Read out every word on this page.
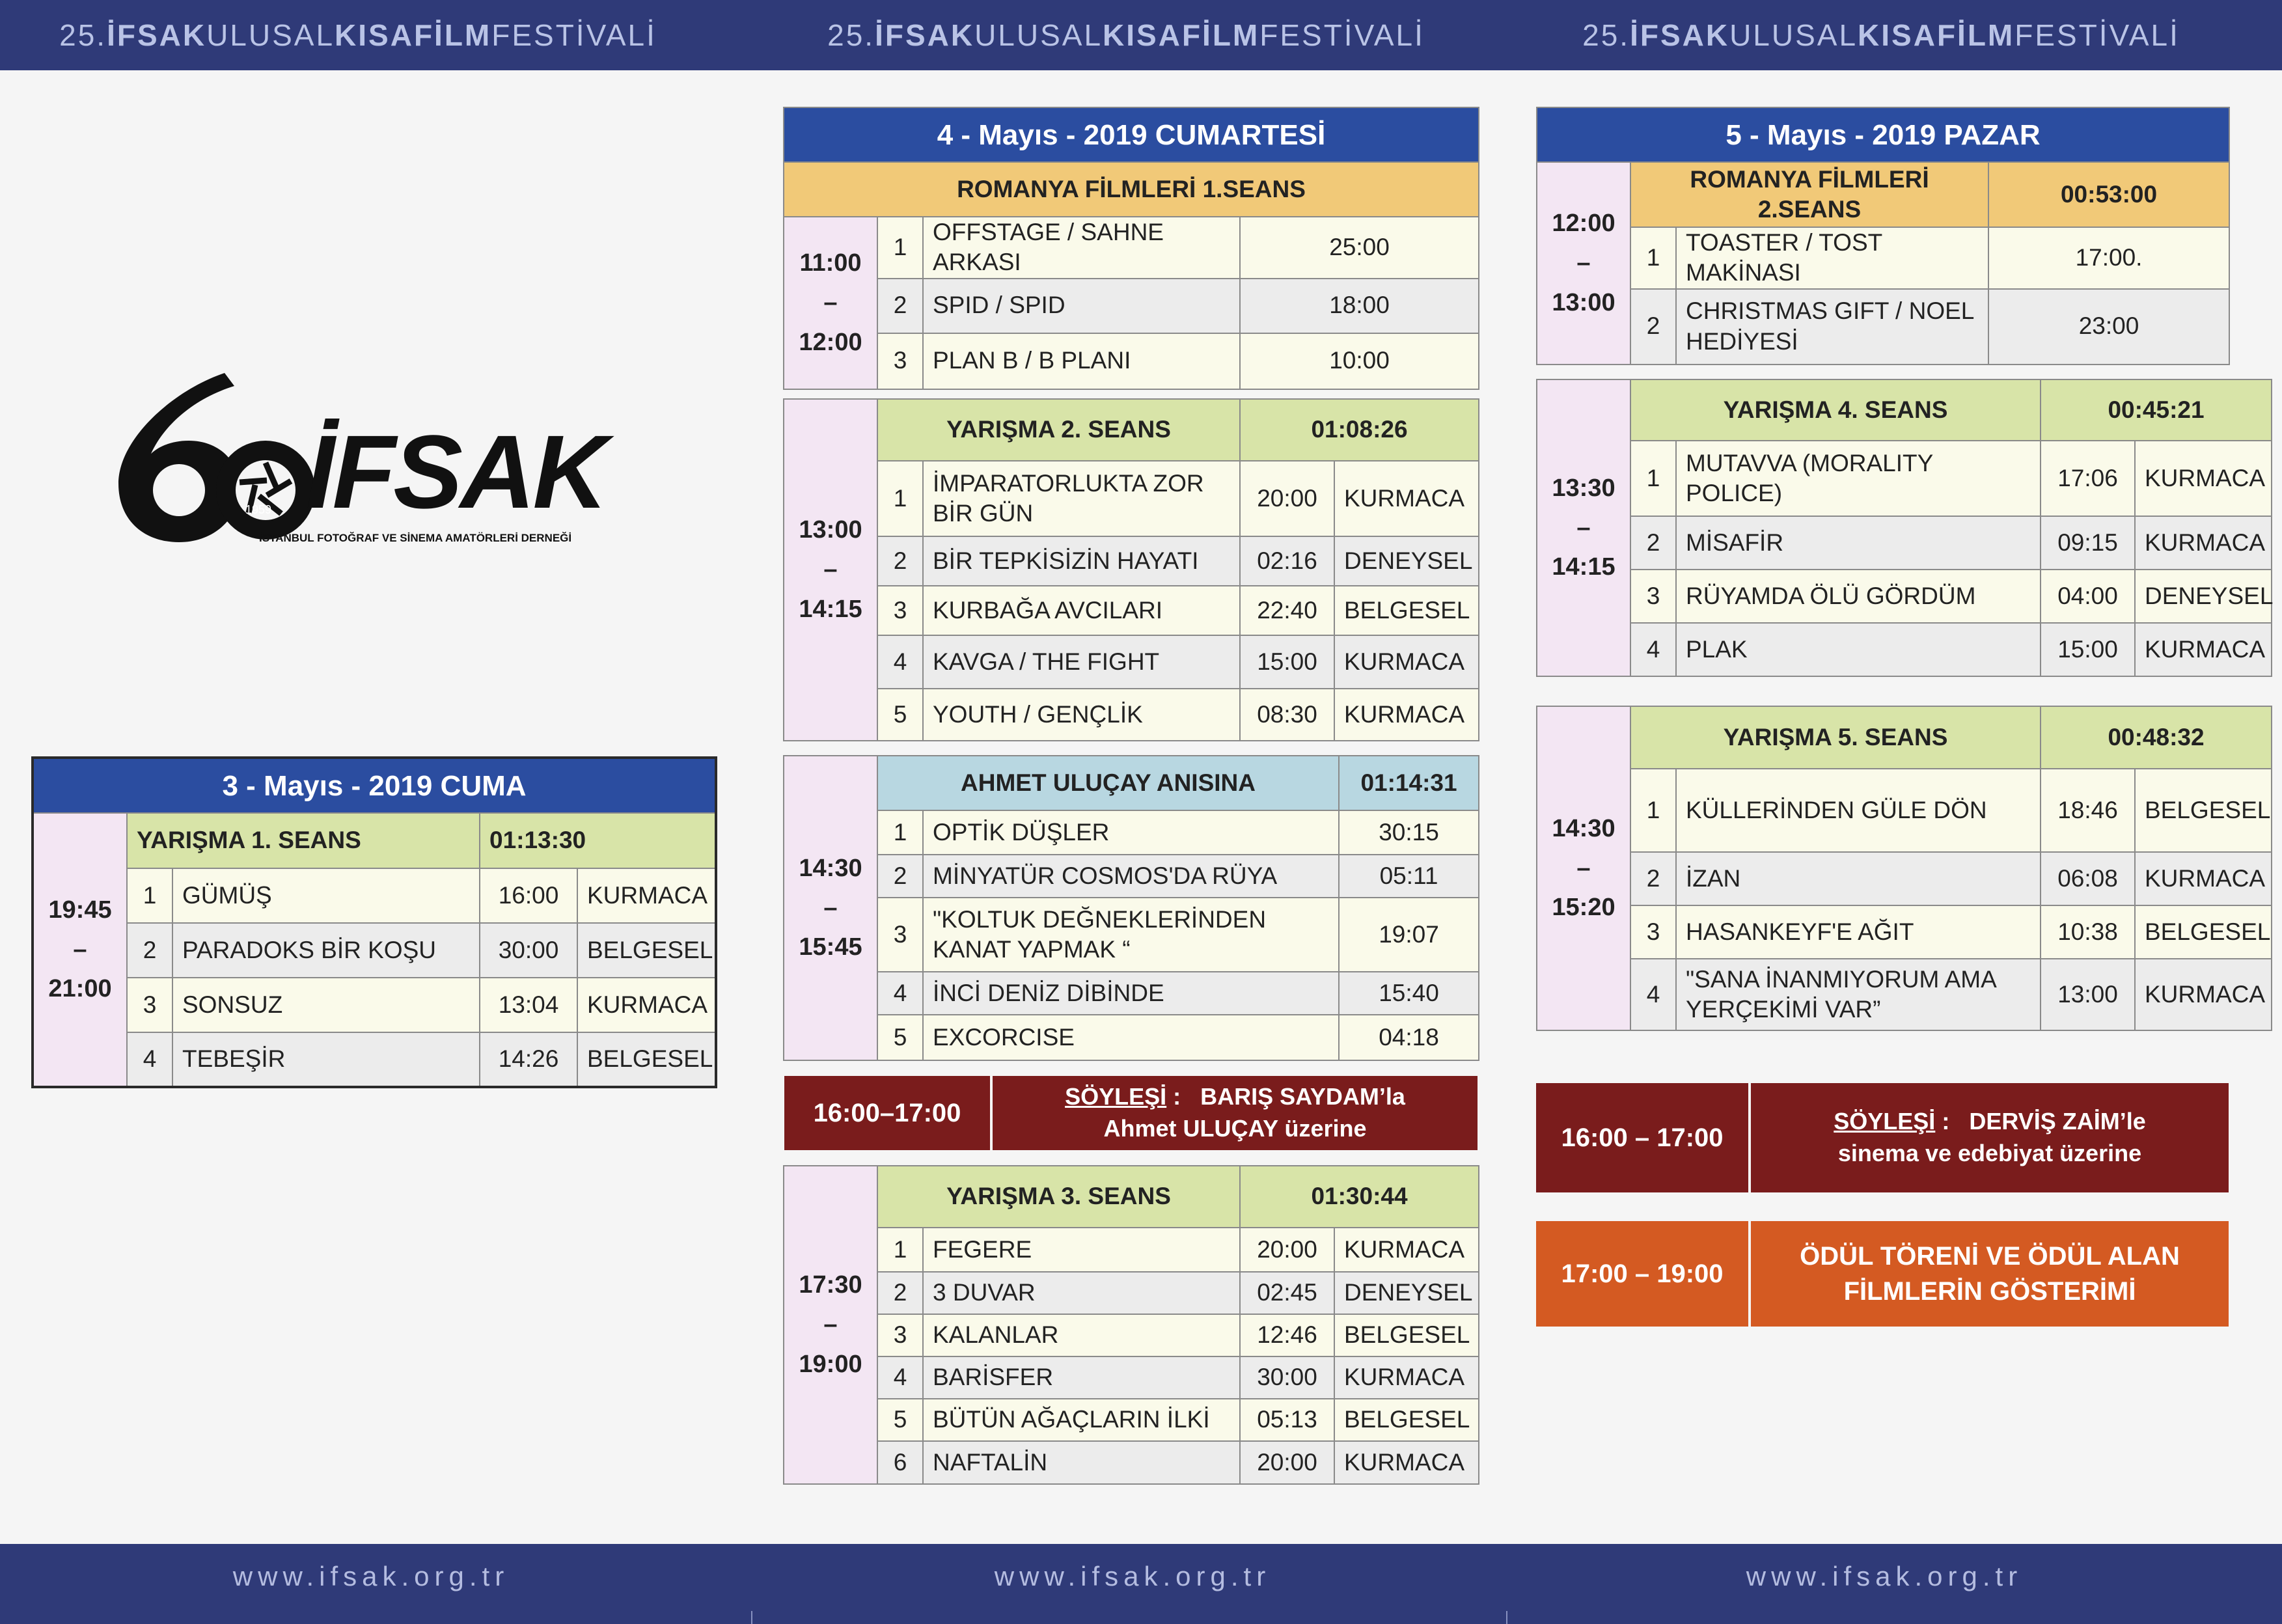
25.İFSAKULUSALKISAFİLMFESTİVALİ	25.İFSAKULUSALKISAFİLMFESTİVALİ	25.İFSAKULUSALKISAFİLMFESTİVALİ
İFSAK
1959
İSTANBUL FOTOĞRAF VE SİNEMA AMATÖRLERİ DERNEĞİ
3 - Mayıs - 2019 CUMA				
19:45
–
21:00	YARIŞMA 1. SEANS		01:13:30	
	1	GÜMÜŞ	16:00	KURMACA
	2	PARADOKS BİR KOŞU	30:00	BELGESEL
	3	SONSUZ	13:04	KURMACA
	4	TEBEŞİR	14:26	BELGESEL
4 - Mayıs - 2019 CUMARTESİ			
ROMANYA FİLMLERİ 1.SEANS			
11:00
–
12:00	1	OFFSTAGE / SAHNE ARKASI	25:00
	2	SPID / SPID	18:00
	3	PLAN B / B PLANI	10:00
13:00
–
14:15	YARIŞMA 2. SEANS		01:08:26	
	1	İMPARATORLUKTA ZOR BİR GÜN	20:00	KURMACA
	2	BİR TEPKİSİZİN HAYATI	02:16	DENEYSEL
	3	KURBAĞA AVCILARI	22:40	BELGESEL
	4	KAVGA / THE FIGHT	15:00	KURMACA
	5	YOUTH / GENÇLİK	08:30	KURMACA
14:30
–
15:45	AHMET ULUÇAY ANISINA		01:14:31
	1	OPTİK DÜŞLER	30:15
	2	MİNYATÜR COSMOS'DA RÜYA	05:11
	3	"KOLTUK DEĞNEKLERİNDEN KANAT YAPMAK “	19:07
	4	İNCİ DENİZ DİBİNDE	15:40
	5	EXCORCISE	04:18
16:00–17:00
SÖYLEŞİ : BARIŞ SAYDAM’la
Ahmet ULUÇAY üzerine
17:30
–
19:00	YARIŞMA 3. SEANS		01:30:44	
	1	FEGERE	20:00	KURMACA
	2	3 DUVAR	02:45	DENEYSEL
	3	KALANLAR	12:46	BELGESEL
	4	BARİSFER	30:00	KURMACA
	5	BÜTÜN AĞAÇLARIN İLKİ	05:13	BELGESEL
	6	NAFTALİN	20:00	KURMACA
5 - Mayıs - 2019 PAZAR			
12:00
–
13:00	ROMANYA FİLMLERİ 2.SEANS		00:53:00
	1	TOASTER / TOST MAKİNASI	17:00.
	2	CHRISTMAS GIFT / NOEL HEDİYESİ	23:00
13:30
–
14:15	YARIŞMA 4. SEANS		00:45:21	
	1	MUTAVVA (MORALITY POLICE)	17:06	KURMACA
	2	MİSAFİR	09:15	KURMACA
	3	RÜYAMDA ÖLÜ GÖRDÜM	04:00	DENEYSEL
	4	PLAK	15:00	KURMACA
14:30
–
15:20	YARIŞMA 5. SEANS		00:48:32	
	1	KÜLLERİNDEN GÜLE DÖN	18:46	BELGESEL
	2	İZAN	06:08	KURMACA
	3	HASANKEYF'E AĞIT	10:38	BELGESEL
	4	"SANA İNANMIYORUM AMA YERÇEKİMİ VAR”	13:00	KURMACA
16:00 – 17:00
SÖYLEŞİ : DERVİŞ ZAİM’le
sinema ve edebiyat üzerine
17:00 – 19:00
ÖDÜL TÖRENİ VE ÖDÜL ALAN
FİLMLERİN GÖSTERİMİ
www.ifsak.org.tr	www.ifsak.org.tr	www.ifsak.org.tr
